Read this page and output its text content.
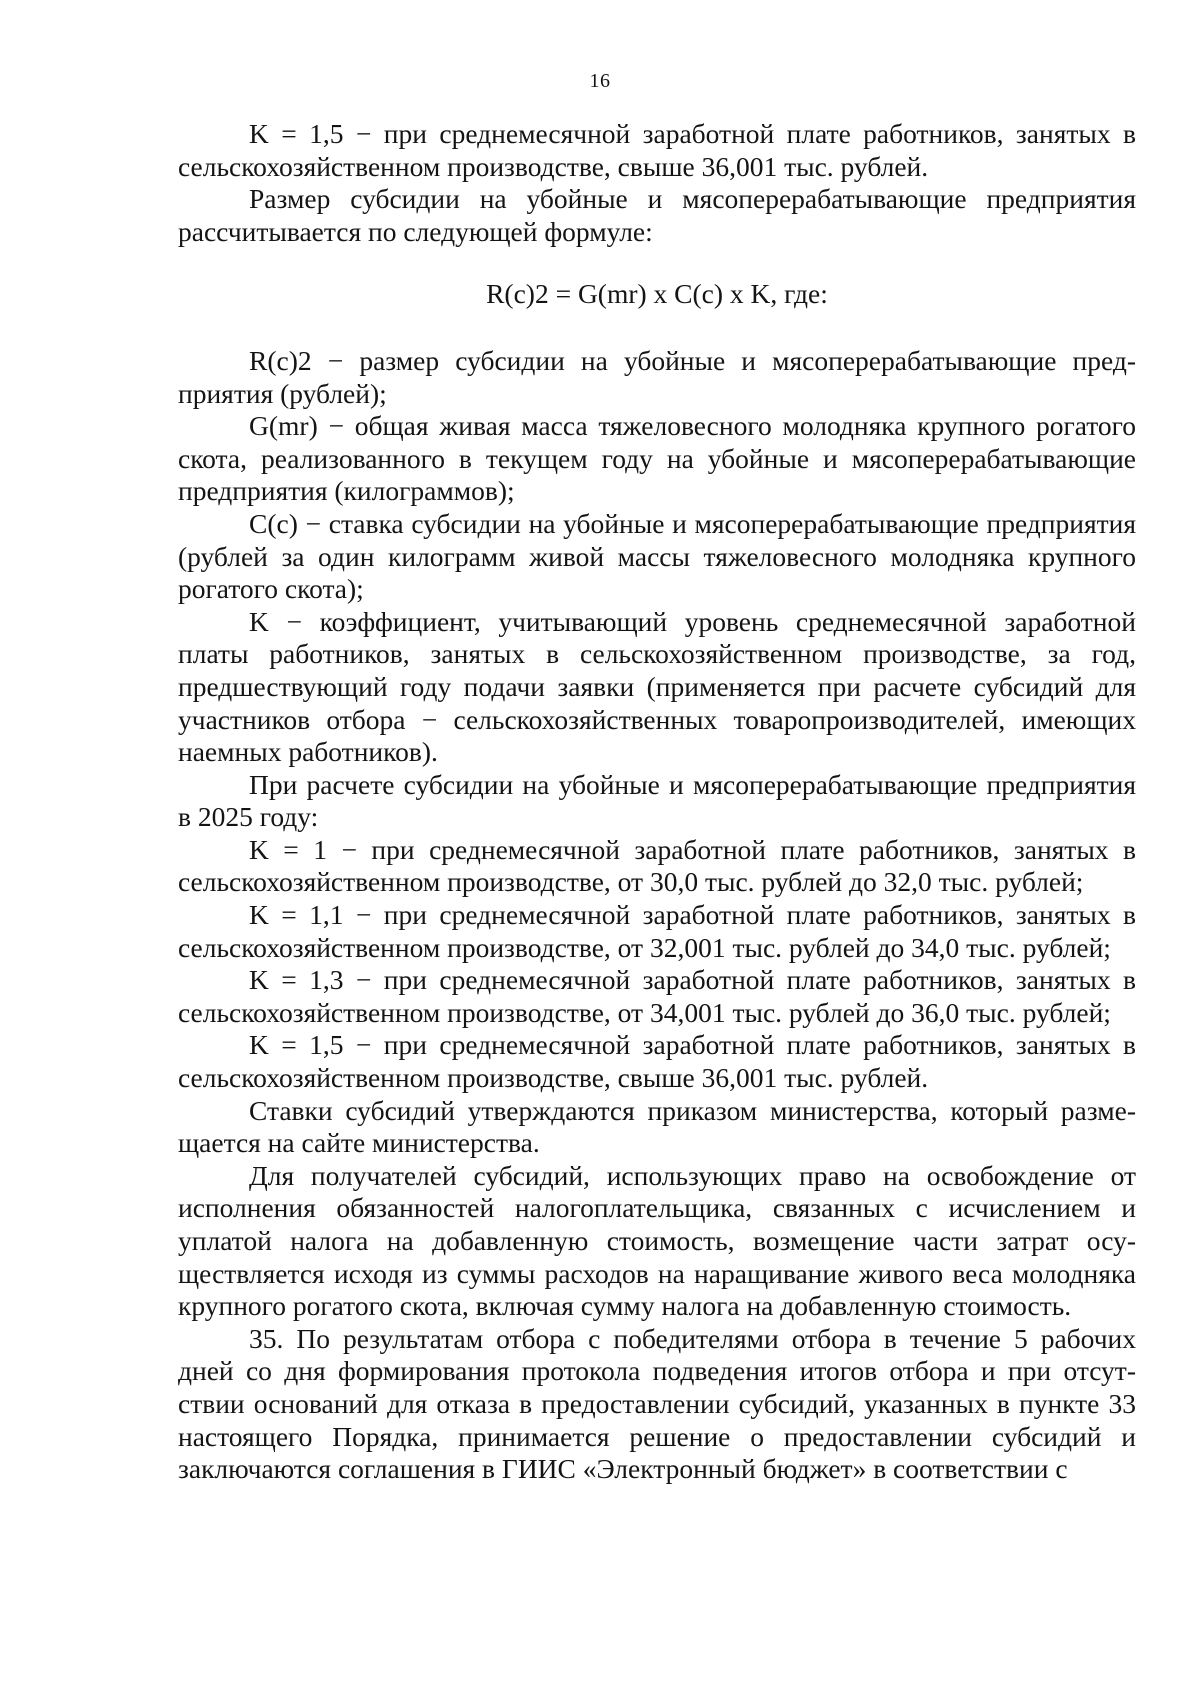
16

K = 1,5 − при среднемесячной заработной плате работников, занятых в сельскохозяйственном производстве, свыше 36,001 тыс. рублей.

Размер субсидии на убойные и мясоперерабатывающие предприятия рассчитывается по следующей формуле:

R(c)2 = G(mr) x C(c) x K, где:

R(c)2 − размер субсидии на убойные и мясоперерабатывающие предприятия (рублей);

G(mr) − общая живая масса тяжеловесного молодняка крупного рогатого скота, реализованного в текущем году на убойные и мясоперерабатывающие предприятия (килограммов);

C(c) − ставка субсидии на убойные и мясоперерабатывающие предприятия (рублей за один килограмм живой массы тяжеловесного молодняка крупного рогатого скота);

K − коэффициент, учитывающий уровень среднемесячной заработной платы работников, занятых в сельскохозяйственном производстве, за год, предшествующий году подачи заявки (применяется при расчете субсидий для участников отбора − сельскохозяйственных товаропроизводителей, имеющих наемных работников).

При расчете субсидии на убойные и мясоперерабатывающие предприятия в 2025 году:

K = 1 − при среднемесячной заработной плате работников, занятых в сельскохозяйственном производстве, от 30,0 тыс. рублей до 32,0 тыс. рублей;

K = 1,1 − при среднемесячной заработной плате работников, занятых в сельскохозяйственном производстве, от 32,001 тыс. рублей до 34,0 тыс. рублей;

K = 1,3 − при среднемесячной заработной плате работников, занятых в сельскохозяйственном производстве, от 34,001 тыс. рублей до 36,0 тыс. рублей;

K = 1,5 − при среднемесячной заработной плате работников, занятых в сельскохозяйственном производстве, свыше 36,001 тыс. рублей.

Ставки субсидий утверждаются приказом министерства, который размещается на сайте министерства.

Для получателей субсидий, использующих право на освобождение от исполнения обязанностей налогоплательщика, связанных с исчислением и уплатой налога на добавленную стоимость, возмещение части затрат осуществляется исходя из суммы расходов на наращивание живого веса молодняка крупного рогатого скота, включая сумму налога на добавленную стоимость.

35. По результатам отбора с победителями отбора в течение 5 рабочих дней со дня формирования протокола подведения итогов отбора и при отсутствии оснований для отказа в предоставлении субсидий, указанных в пункте 33 настоящего Порядка, принимается решение о предоставлении субсидий и заключаются соглашения в ГИИС «Электронный бюджет» в соответствии с
